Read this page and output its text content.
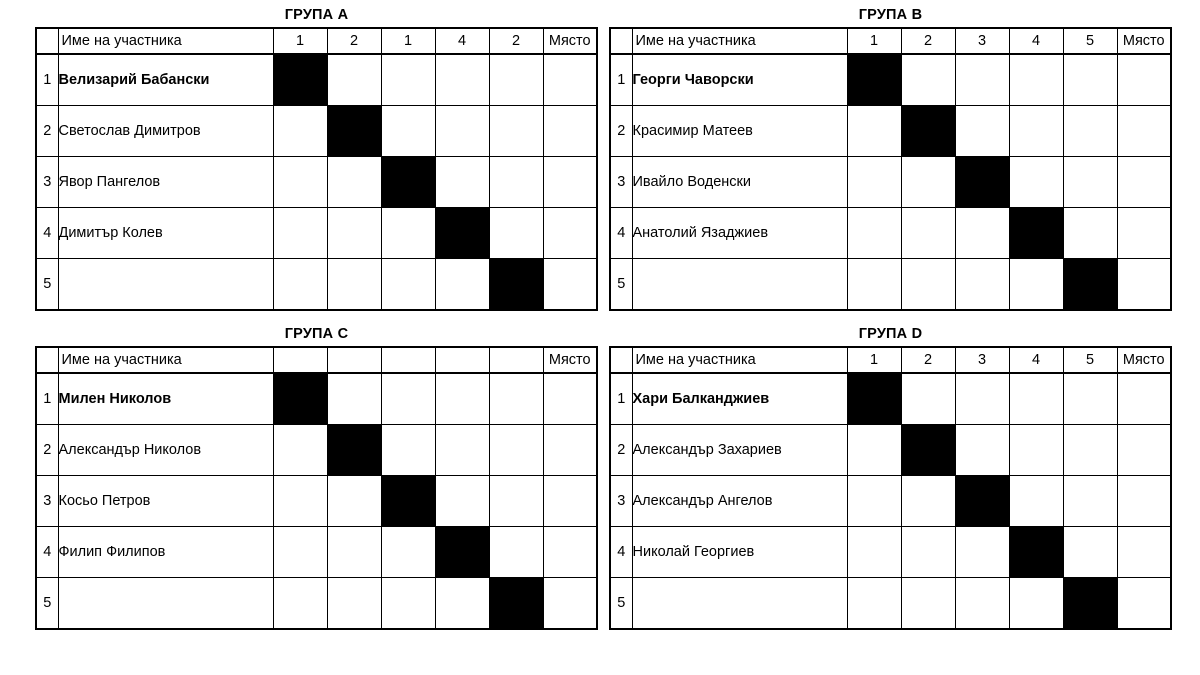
ГРУПА А
	Име на участника	1	2	1	4	2	Място
1	Велизарий Бабански						
2	Светослав Димитров						
3	Явор Пангелов						
4	Димитър Колев						
5							
ГРУПА B
	Име на участника	1	2	3	4	5	Място
1	Георги Чаворски						
2	Красимир Матеев						
3	Ивайло Воденски						
4	Анатолий Язаджиев						
5							
ГРУПА C
	Име на участника						Място
1	Милен Николов						
2	Александър Николов						
3	Косьо Петров						
4	Филип Филипов						
5							
ГРУПА D
	Име на участника	1	2	3	4	5	Място
1	Хари Балканджиев						
2	Александър Захариев						
3	Александър Ангелов						
4	Николай Георгиев						
5							
